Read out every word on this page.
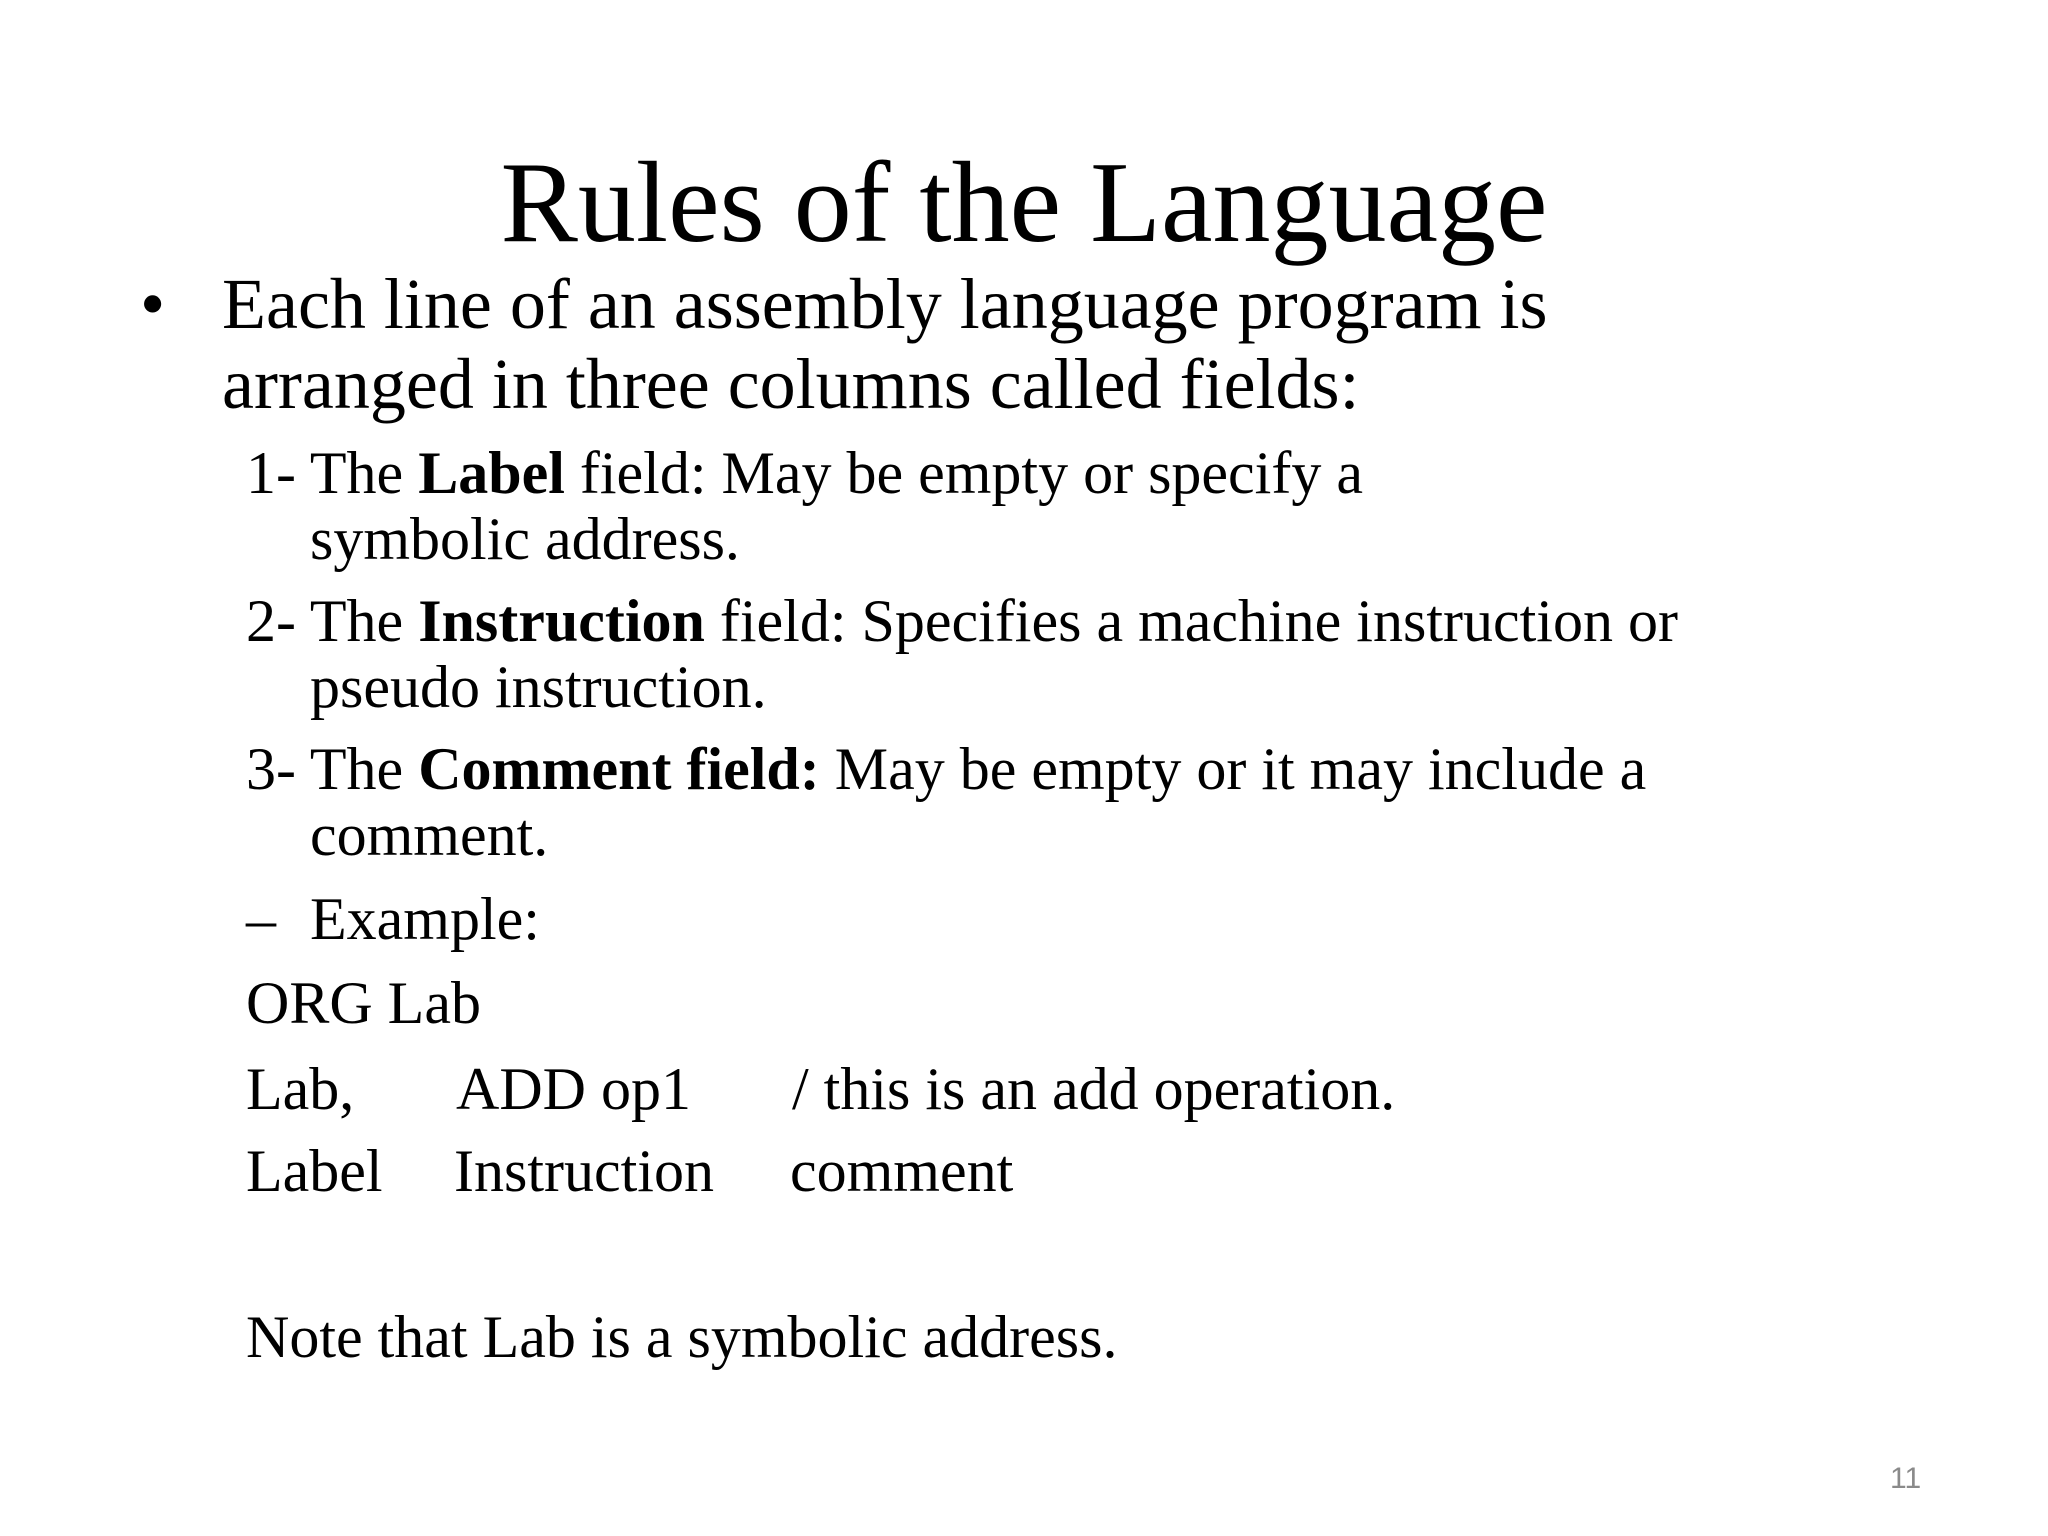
Rules of the Language
• Each line of an assembly language program is
arranged in three columns called fields:
1- The Label field: May be empty or specify a
symbolic address.
2- The Instruction field: Specifies a machine instruction or
pseudo instruction.
3- The Comment field: May be empty or it may include a
comment.
– Example:
ORG Lab
Lab, ADD op1 / this is an add operation.
Label Instruction comment
Note that Lab is a symbolic address.
11
